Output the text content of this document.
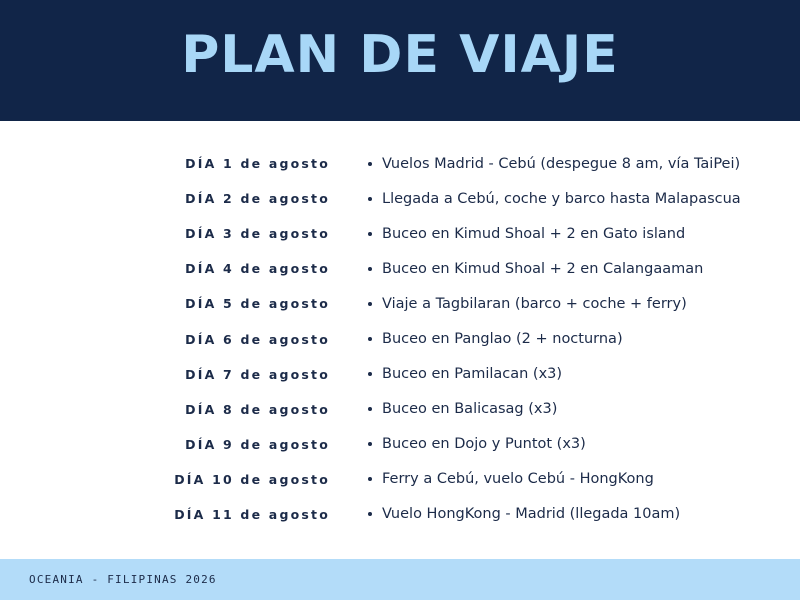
PLAN DE VIAJE
DÍA 1 de agosto	Vuelos Madrid - Cebú (despegue 8 am, vía TaiPei)
DÍA 2 de agosto	Llegada a Cebú, coche y barco hasta Malapascua
DÍA 3 de agosto	Buceo en Kimud Shoal + 2 en Gato island
DÍA 4 de agosto	Buceo en Kimud Shoal + 2 en Calangaaman
DÍA 5 de agosto	Viaje a Tagbilaran (barco + coche + ferry)
DÍA 6 de agosto	Buceo en Panglao (2 + nocturna)
DÍA 7 de agosto	Buceo en Pamilacan (x3)
DÍA 8 de agosto	Buceo en Balicasag (x3)
DÍA 9 de agosto	Buceo en Dojo y Puntot (x3)
DÍA 10 de agosto	Ferry a Cebú, vuelo Cebú - HongKong
DÍA 11 de agosto	Vuelo HongKong - Madrid (llegada 10am)
OCEANIA - FILIPINAS 2026
